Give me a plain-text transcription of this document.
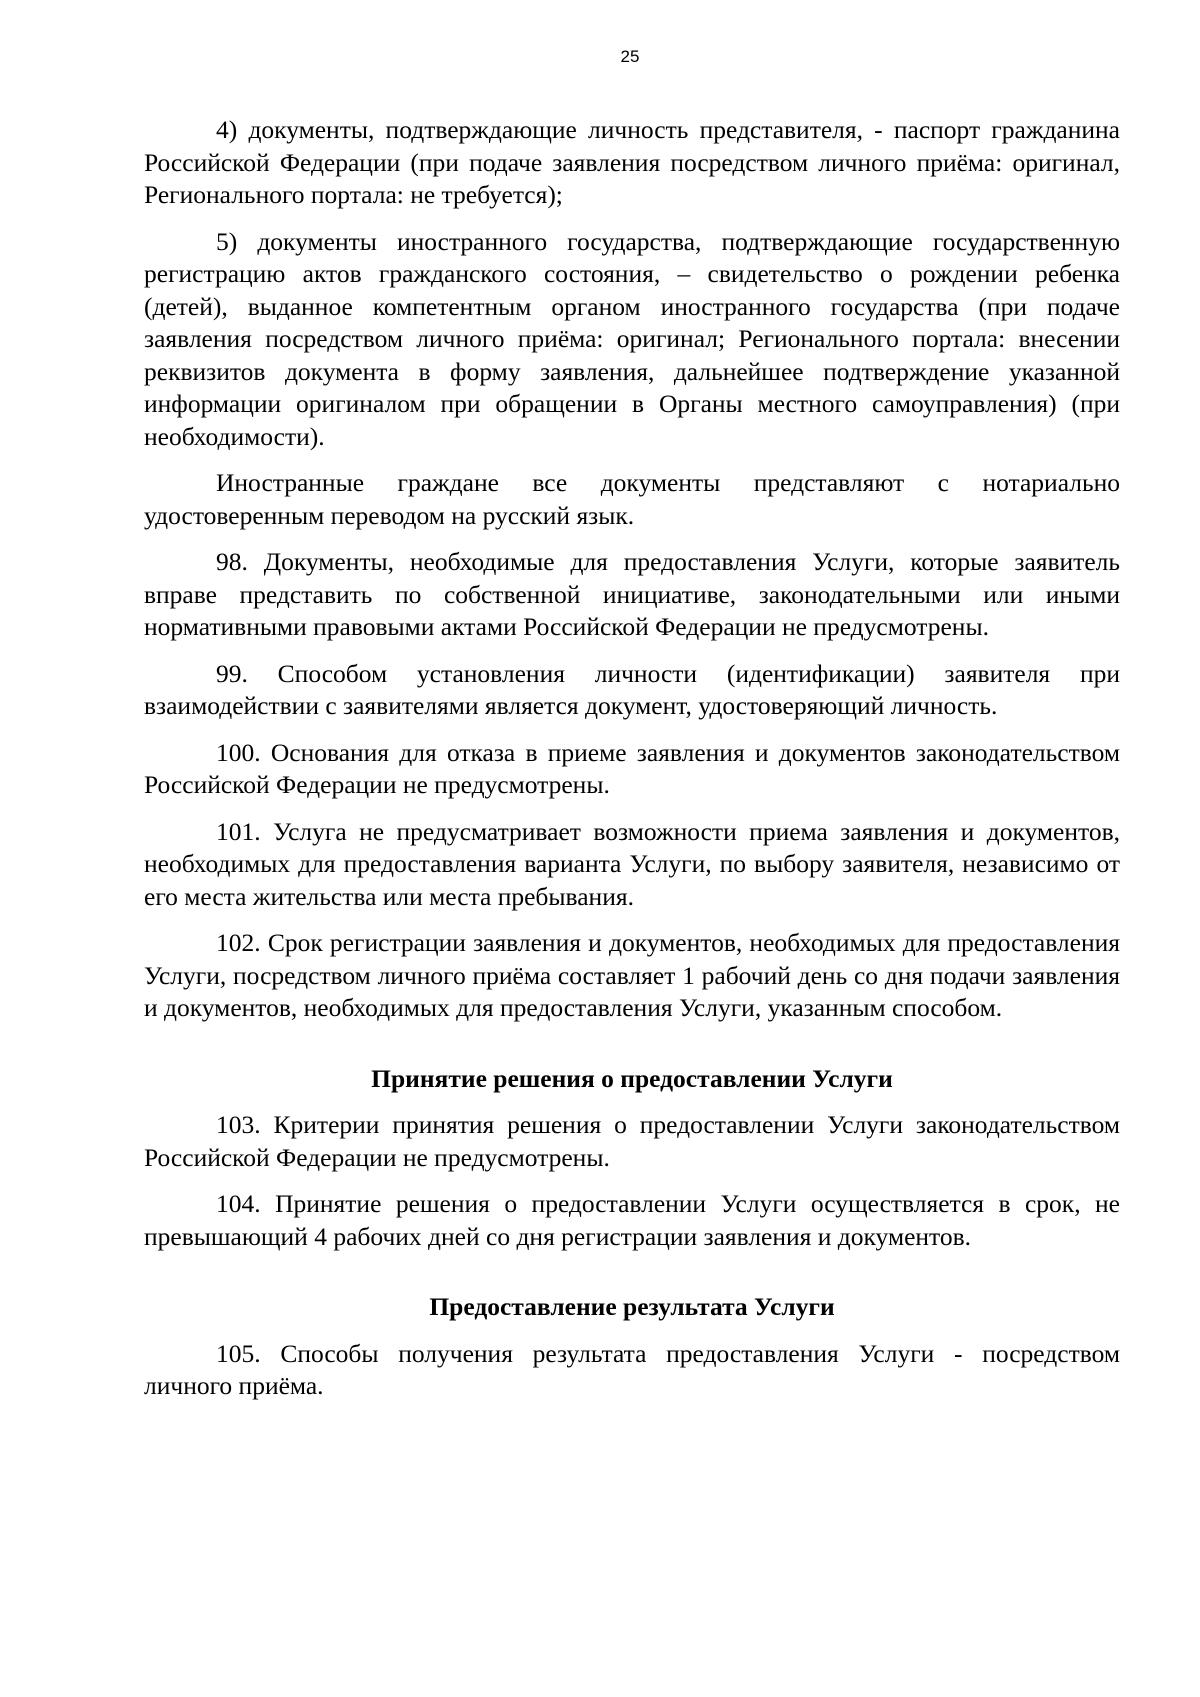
25

4) документы, подтверждающие личность представителя, - паспорт гражданина Российской Федерации (при подаче заявления посредством личного приёма: оригинал, Регионального портала: не требуется);

5) документы иностранного государства, подтверждающие государственную регистрацию актов гражданского состояния, – свидетельство о рождении ребенка (детей), выданное компетентным органом иностранного государства (при подаче заявления посредством личного приёма: оригинал; Регионального портала: внесении реквизитов документа в форму заявления, дальнейшее подтверждение указанной информации оригиналом при обращении в Органы местного самоуправления) (при необходимости).

Иностранные граждане все документы представляют с нотариально удостоверенным переводом на русский язык.

98. Документы, необходимые для предоставления Услуги, которые заявитель вправе представить по собственной инициативе, законодательными или иными нормативными правовыми актами Российской Федерации не предусмотрены.

99. Способом установления личности (идентификации) заявителя при взаимодействии с заявителями является документ, удостоверяющий личность.

100. Основания для отказа в приеме заявления и документов законодательством Российской Федерации не предусмотрены.

101. Услуга не предусматривает возможности приема заявления и документов, необходимых для предоставления варианта Услуги, по выбору заявителя, независимо от его места жительства или места пребывания.

102. Срок регистрации заявления и документов, необходимых для предоставления Услуги, посредством личного приёма составляет 1 рабочий день со дня подачи заявления и документов, необходимых для предоставления Услуги, указанным способом.

Принятие решения о предоставлении Услуги

103. Критерии принятия решения о предоставлении Услуги законодательством Российской Федерации не предусмотрены.

104. Принятие решения о предоставлении Услуги осуществляется в срок, не превышающий 4 рабочих дней со дня регистрации заявления и документов.

Предоставление результата Услуги

105. Способы получения результата предоставления Услуги - посредством личного приёма.
